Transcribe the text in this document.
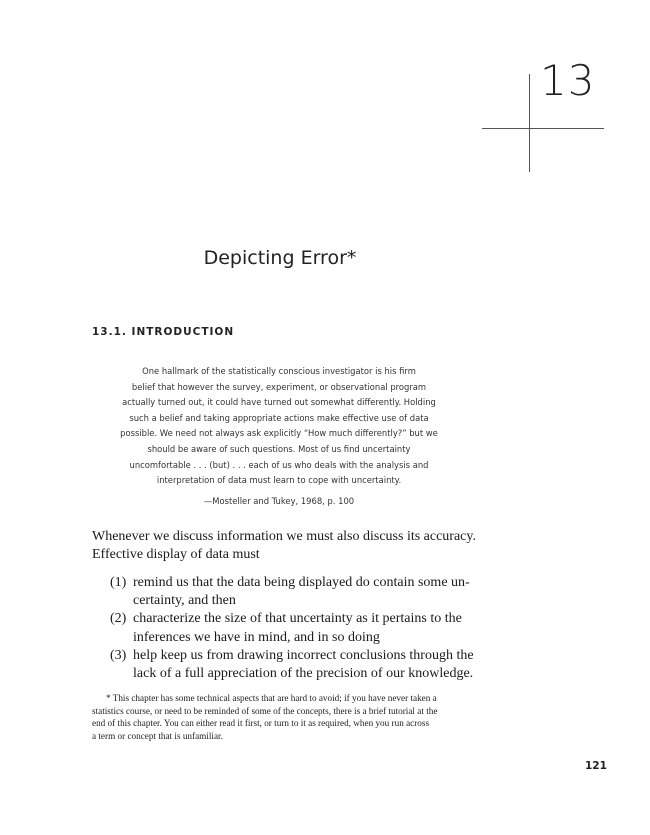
13
Depicting Error*
13.1. INTRODUCTION
One hallmark of the statistically conscious investigator is his firm
belief that however the survey, experiment, or observational program
actually turned out, it could have turned out somewhat differently. Holding
such a belief and taking appropriate actions make effective use of data
possible. We need not always ask explicitly “How much differently?” but we
should be aware of such questions. Most of us find uncertainty
uncomfortable . . . (but) . . . each of us who deals with the analysis and
interpretation of data must learn to cope with uncertainty.
—Mosteller and Tukey, 1968, p. 100
Whenever we discuss information we must also discuss its accuracy.
Effective display of data must
(1) remind us that the data being displayed do contain some un-
certainty, and then
(2) characterize the size of that uncertainty as it pertains to the
inferences we have in mind, and in so doing
(3) help keep us from drawing incorrect conclusions through the
lack of a full appreciation of the precision of our knowledge.
* This chapter has some technical aspects that are hard to avoid; if you have never taken a
statistics course, or need to be reminded of some of the concepts, there is a brief tutorial at the
end of this chapter. You can either read it first, or turn to it as required, when you run across
a term or concept that is unfamiliar.
121
